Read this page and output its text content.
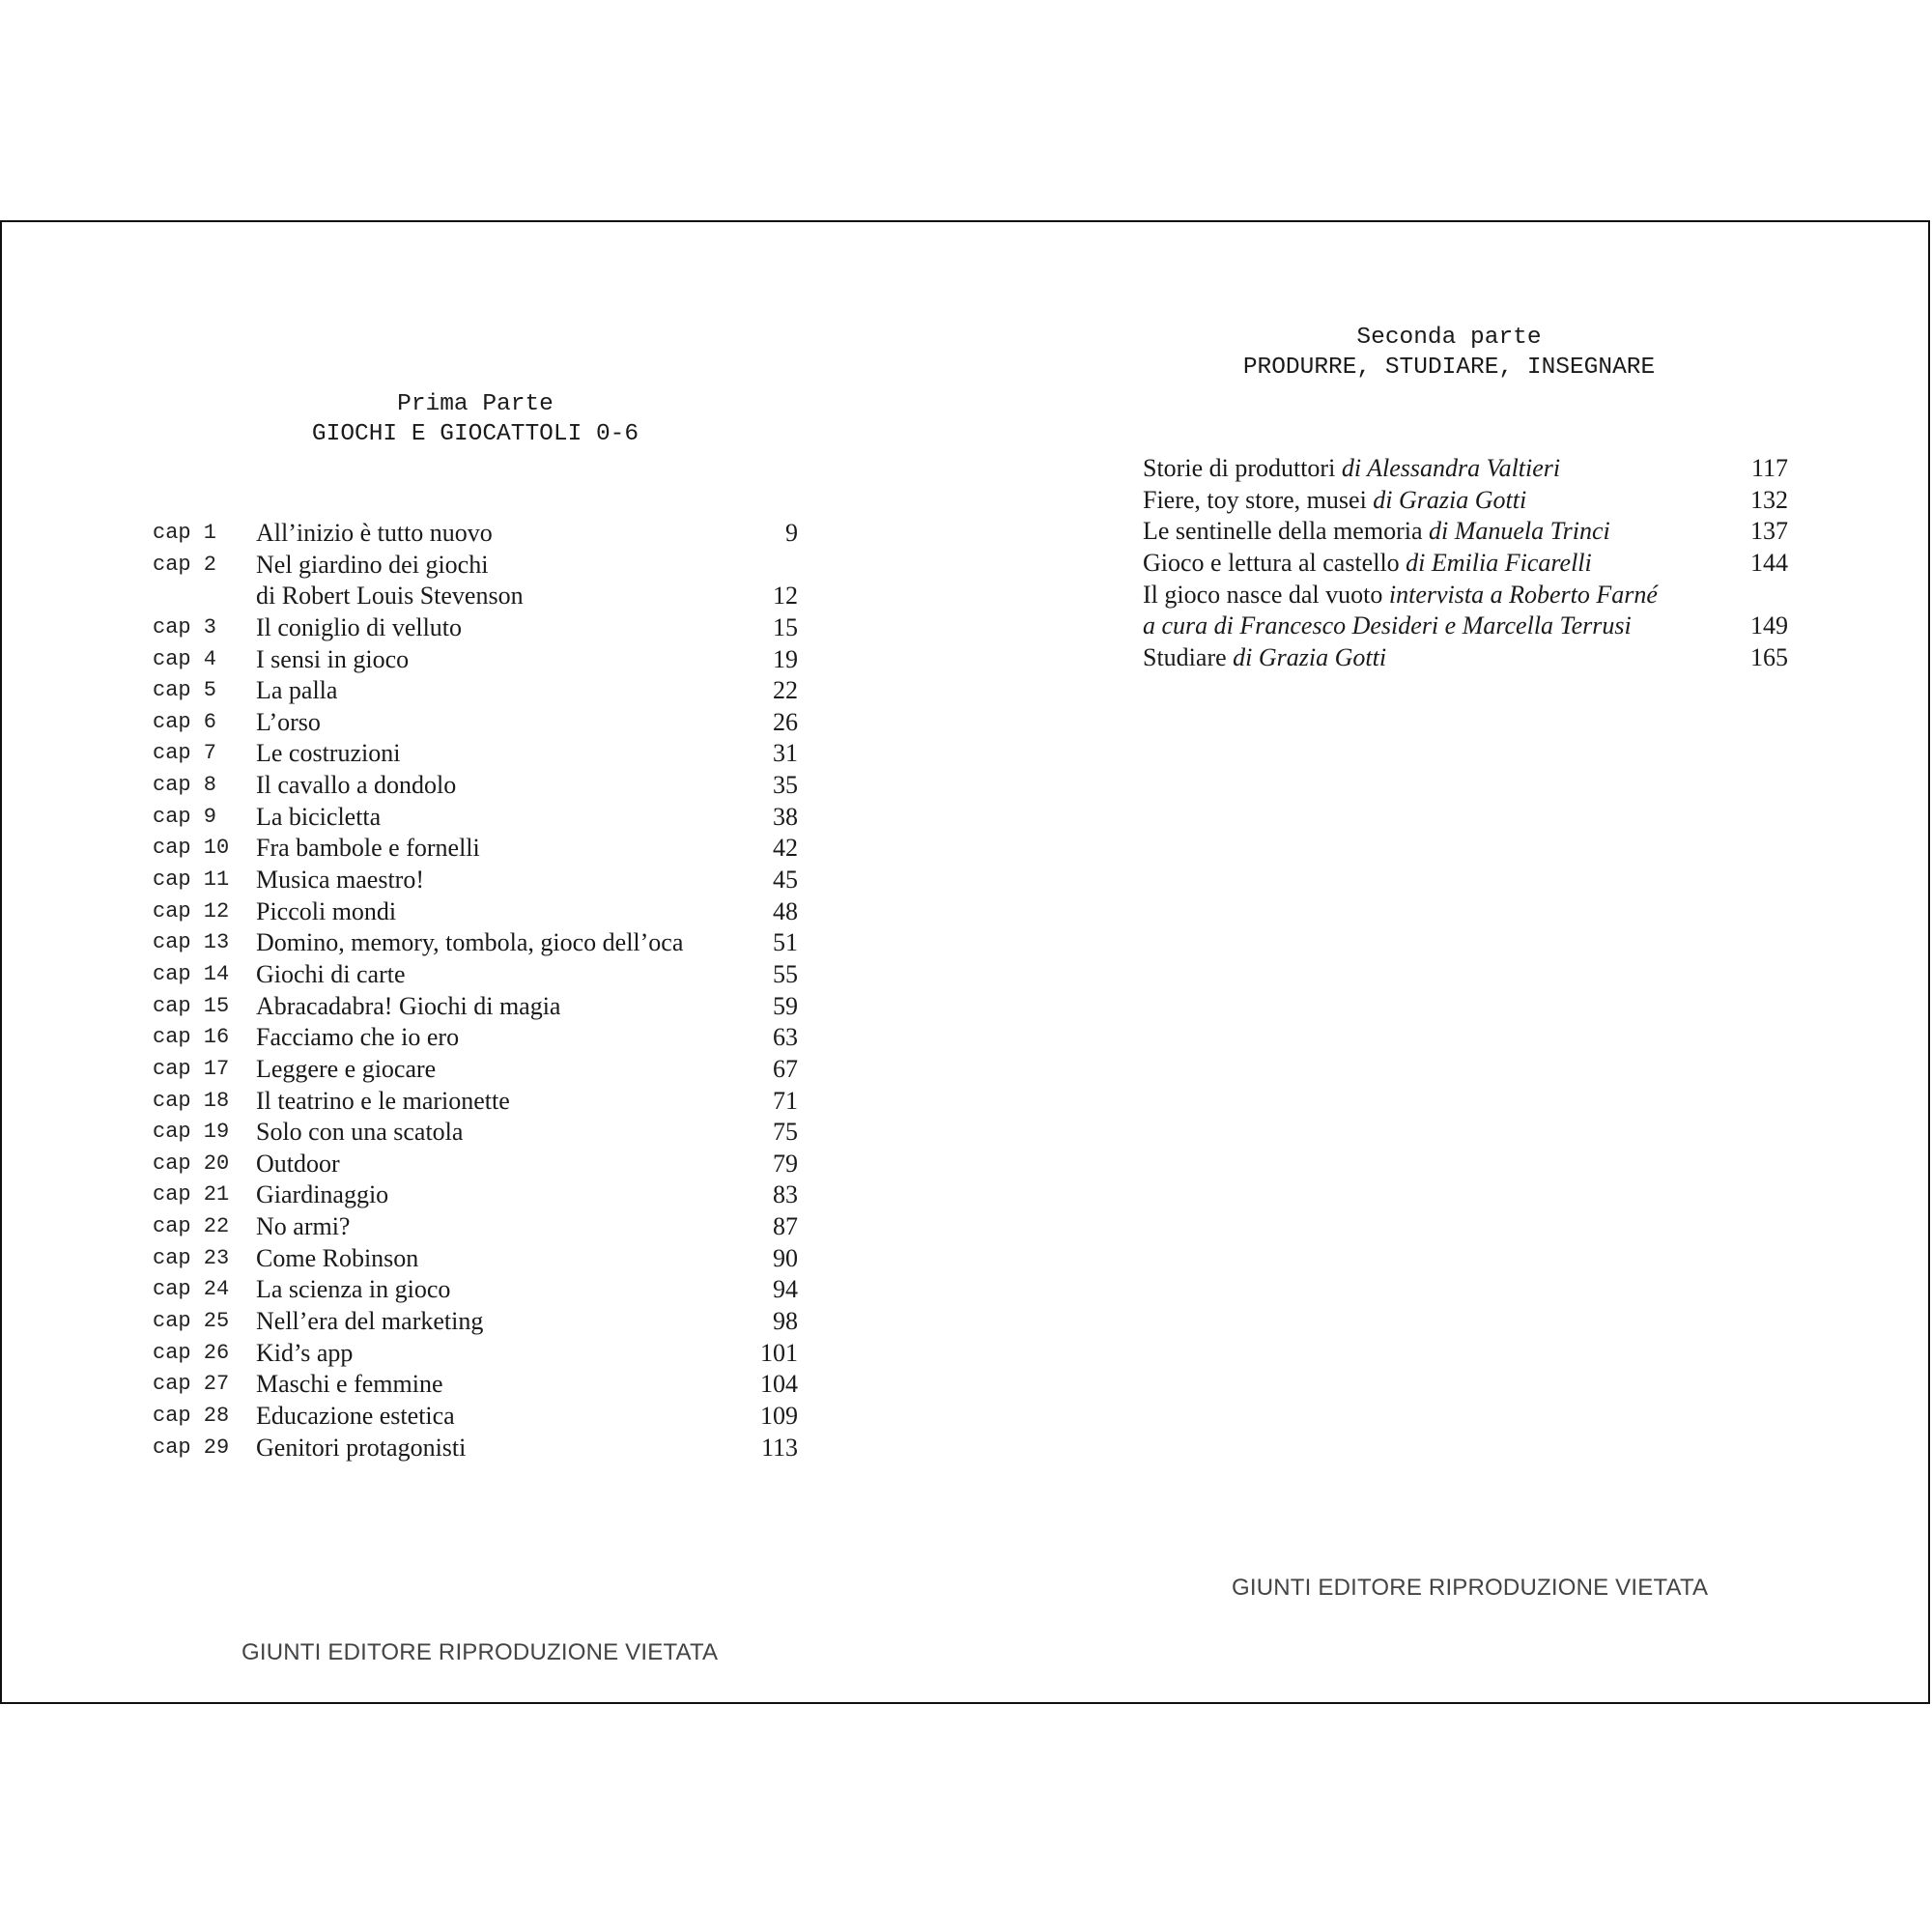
Prima Parte
GIOCHI E GIOCATTOLI 0-6
Seconda parte
PRODURRE, STUDIARE, INSEGNARE
cap 1 All’inizio è tutto nuovo	9
cap 2 Nel giardino dei giochi
di Robert Louis Stevenson	12
cap 3 Il coniglio di velluto	15
cap 4 I sensi in gioco	19
cap 5 La palla	22
cap 6 L’orso	26
cap 7 Le costruzioni	31
cap 8 Il cavallo a dondolo	35
cap 9 La bicicletta	38
cap 10 Fra bambole e fornelli	42
cap 11 Musica maestro!	45
cap 12 Piccoli mondi	48
cap 13 Domino, memory, tombola, gioco dell’oca	51
cap 14 Giochi di carte	55
cap 15 Abracadabra! Giochi di magia	59
cap 16 Facciamo che io ero	63
cap 17 Leggere e giocare	67
cap 18 Il teatrino e le marionette	71
cap 19 Solo con una scatola	75
cap 20 Outdoor	79
cap 21 Giardinaggio	83
cap 22 No armi?	87
cap 23 Come Robinson	90
cap 24 La scienza in gioco	94
cap 25 Nell’era del marketing	98
cap 26 Kid’s app	101
cap 27 Maschi e femmine	104
cap 28 Educazione estetica	109
cap 29 Genitori protagonisti	113
Storie di produttori di Alessandra Valtieri	117
Fiere, toy store, musei di Grazia Gotti	132
Le sentinelle della memoria di Manuela Trinci	137
Gioco e lettura al castello di Emilia Ficarelli	144
Il gioco nasce dal vuoto intervista a Roberto Farné
a cura di Francesco Desideri e Marcella Terrusi	149
Studiare di Grazia Gotti	165
GIUNTI EDITORE RIPRODUZIONE VIETATA
GIUNTI EDITORE RIPRODUZIONE VIETATA
